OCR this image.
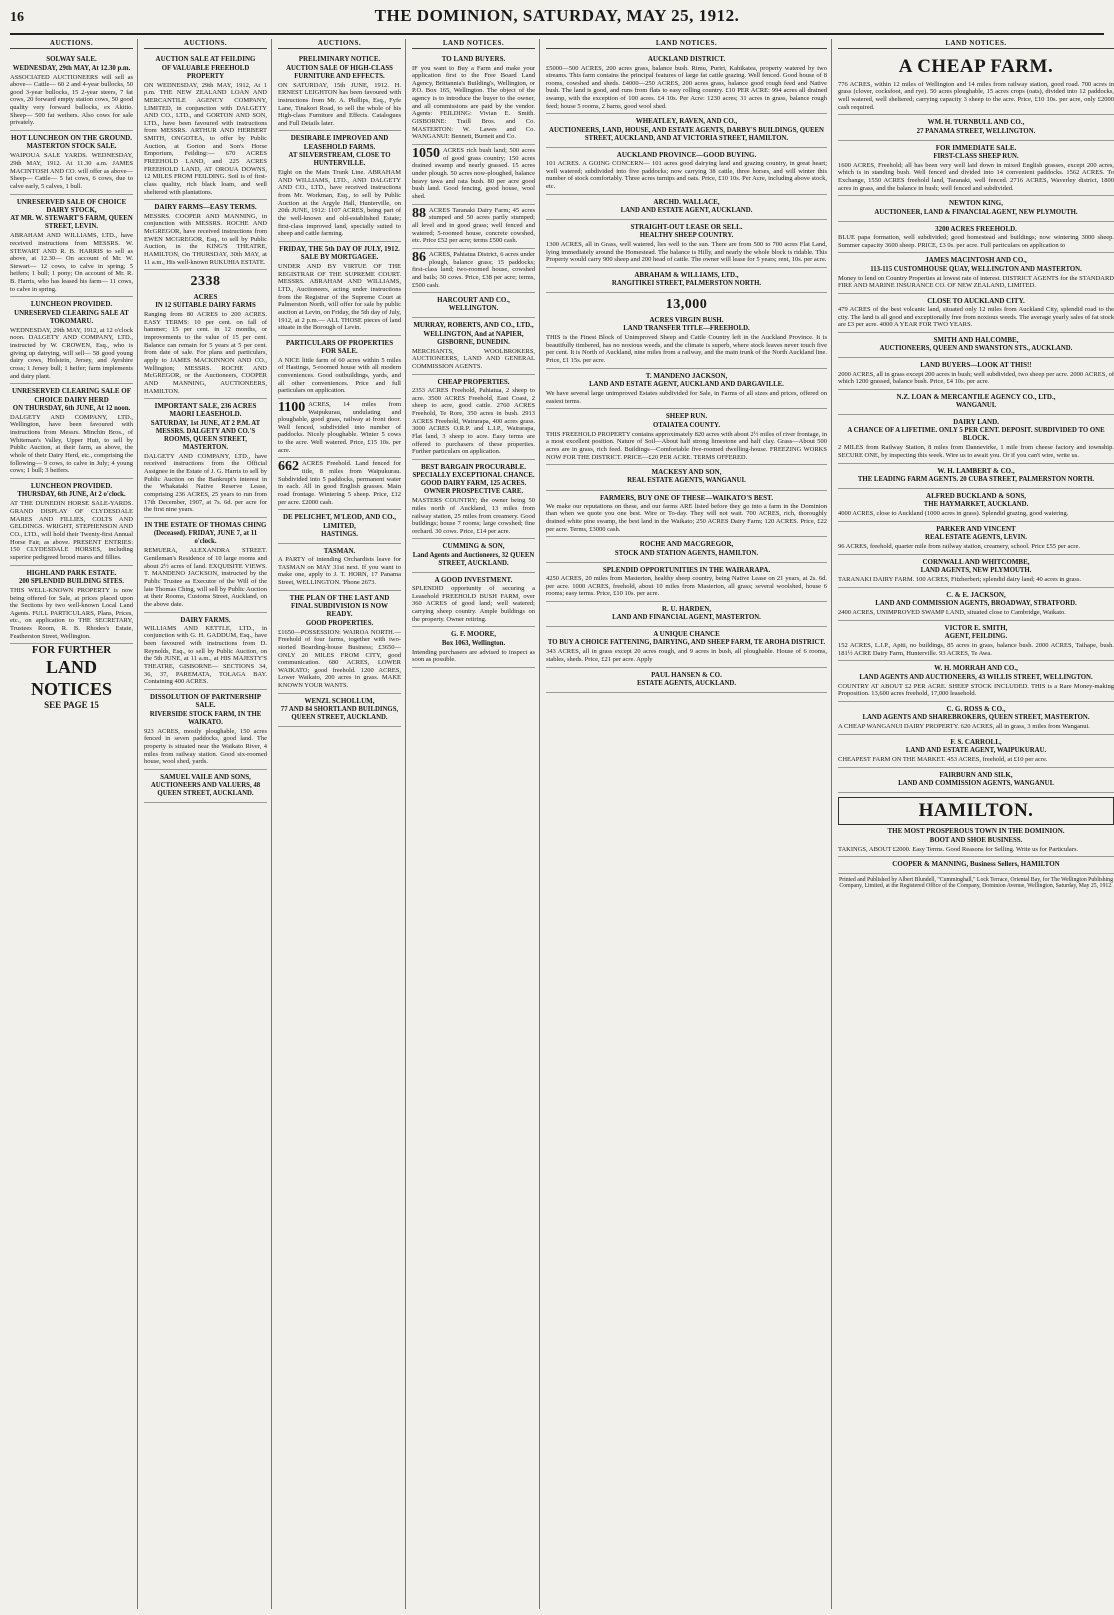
16	THE DOMINION, SATURDAY, MAY 25, 1912.
AUCTIONS.
SOLWAY SALE.
WEDNESDAY, 29th MAY, At 12.30 p.m.
ASSOCIATED AUCTIONEERS will sell as above— Cattle— 60 2 and 4-year bullocks, 50 good 3-year bullocks, 15 2-year steers, 7 fat cows, 20 forward empty station cows, 50 good quality very forward bullocks, ex Akitio. Sheep— 500 fat wethers. Also cows for sale privately.
HOT LUNCHEON ON THE GROUND.
MASTERTON STOCK SALE.
WAIPOUA SALE YARDS. WEDNESDAY, 29th MAY, 1912. At 11.30 a.m. JAMES MACINTOSH AND CO. will offer as above— Sheep— Cattle— 5 fat cows, 6 cows, due to calve early, 5 calves, 1 bull.
UNRESERVED SALE OF CHOICE DAIRY STOCK,
AT MR. W. STEWART'S FARM, QUEEN STREET, LEVIN.
ABRAHAM AND WILLIAMS, LTD., have received instructions from MESSRS. W. STEWART AND R. B. HARRIS to sell as above, at 12.30— On account of Mr. W. Stewart— 12 cows, to calve in spring; 5 heifers; 1 bull; 1 pony; On account of Mr. R. B. Harris, who has leased his farm— 11 cows, to calve in spring.
LUNCHEON PROVIDED.
UNRESERVED CLEARING SALE AT TOKOMARU.
WEDNESDAY, 29th MAY, 1912, at 12 o'clock noon. DALGETY AND COMPANY, LTD., instructed by W. CROWEN, Esq., who is giving up dairying, will sell— 58 good young dairy cows, Holstein, Jersey, and Ayrshire cross; 1 Jersey bull; 1 heifer; farm implements and dairy plant.
UNRESERVED CLEARING SALE OF CHOICE DAIRY HERD
ON THURSDAY, 6th JUNE, At 12 noon.
DALGETY AND COMPANY, LTD., Wellington, have been favoured with instructions from Messrs. Minchin Bros., of Whiteman's Valley, Upper Hutt, to sell by Public Auction, at their farm, as above, the whole of their Dairy Herd, etc., comprising the following— 9 cows, to calve in July; 4 young cows; 1 bull; 3 heifers.
LUNCHEON PROVIDED.
THURSDAY, 6th JUNE, At 2 o'clock.
AT THE DUNEDIN HORSE SALE-YARDS. GRAND DISPLAY OF CLYDESDALE MARES AND FILLIES, COLTS AND GELDINGS. WRIGHT, STEPHENSON AND CO., LTD., will hold their Twenty-first Annual Horse Fair, as above. PRESENT ENTRIES: 150 CLYDESDALE HORSES, including superior pedigreed brood mares and fillies.
HIGHLAND PARK ESTATE.
200 SPLENDID BUILDING SITES.
THIS WELL-KNOWN PROPERTY is now being offered for Sale, at prices placed upon the Sections by two well-known Local Land Agents. FULL PARTICULARS, Plans, Prices, etc., on application to THE SECRETARY, Trustees Room, R. B. Rhodes's Estate, Featherston Street, Wellington.
FOR FURTHER
LAND NOTICES
SEE PAGE 15
AUCTIONS.
AUCTION SALE AT FEILDING
OF VALUABLE FREEHOLD PROPERTY
ON WEDNESDAY, 29th MAY, 1912, At 1 p.m. THE NEW ZEALAND LOAN AND MERCANTILE AGENCY COMPANY, LIMITED, in conjunction with DALGETY AND CO., LTD., and GORTON AND SON, LTD., have been favoured with instructions from MESSRS. ARTHUR AND HERBERT SMITH, ONGOTEA, to offer by Public Auction, at Gorton and Son's Horse Emporium, Feilding:— 670 ACRES FREEHOLD LAND, and 225 ACRES FREEHOLD LAND, AT OROUA DOWNS, 12 MILES FROM FEILDING. Soil is of first-class quality, rich black loam, and well sheltered with plantations.
DAIRY FARMS—EASY TERMS.
MESSRS. COOPER AND MANNING, in conjunction with MESSRS. ROCHE AND McGREGOR, have received instructions from EWEN MCGREGOR, Esq., to sell by Public Auction, in the KING'S THEATRE, HAMILTON, On THURSDAY, 30th MAY, at 11 a.m., His well-known RUKUHIA ESTATE.
2338
ACRES
IN 12 SUITABLE DAIRY FARMS
Ranging from 80 ACRES to 200 ACRES. EASY TERMS: 10 per cent. on fall of hammer; 15 per cent. in 12 months, or improvements to the value of 15 per cent. Balance can remain for 5 years at 5 per cent. from date of sale. For plans and particulars, apply to JAMES MACKINNON AND CO., Wellington; MESSRS. ROCHE AND McGREGOR, or the Auctioneers, COOPER AND MANNING, AUCTIONEERS, HAMILTON.
IMPORTANT SALE, 236 ACRES MAORI LEASEHOLD.
SATURDAY, 1st JUNE, AT 2 P.M. AT MESSRS. DALGETY AND CO.'S ROOMS, QUEEN STREET, MASTERTON.
DALGETY AND COMPANY, LTD., have received instructions from the Official Assignee in the Estate of J. G. Harris to sell by Public Auction on the Bankrupt's interest in the Whakataki Native Reserve Lease, comprising 236 ACRES, 25 years to run from 17th December, 1907, at 7s. 6d. per acre for the first nine years.
IN THE ESTATE OF THOMAS CHING
(Deceased). FRIDAY, JUNE 7, at 11 o'clock.
REMUERA, ALEXANDRA STREET. Gentleman's Residence of 10 large rooms and about 2½ acres of land. EXQUISITE VIEWS. T. MANDENO JACKSON, instructed by the Public Trustee as Executor of the Will of the late Thomas Ching, will sell by Public Auction at their Rooms, Customs Street, Auckland, on the above date.
DAIRY FARMS.
WILLIAMS AND KETTLE, LTD., in conjunction with G. H. GADDUM, Esq., have been favoured with instructions from D. Reynolds, Esq., to sell by Public Auction, on the 5th JUNE, at 11 a.m., at HIS MAJESTY'S THEATRE, GISBORNE— SECTIONS 34, 36, 37, PAREMATA, TOLAGA BAY. Containing 400 ACRES.
DISSOLUTION OF PARTNERSHIP SALE.
RIVERSIDE STOCK FARM, IN THE WAIKATO.
923 ACRES, mostly ploughable, 150 acres fenced in seven paddocks, good land. The property is situated near the Waikato River, 4 miles from railway station. Good six-roomed house, wool shed, yards.
SAMUEL VAILE AND SONS,
AUCTIONEERS AND VALUERS, 48 QUEEN STREET, AUCKLAND.
AUCTIONS.
PRELIMINARY NOTICE.
AUCTION SALE OF HIGH-CLASS FURNITURE AND EFFECTS.
ON SATURDAY, 15th JUNE, 1912. H. ERNEST LEIGHTON has been favoured with instructions from Mr. A. Phillips, Esq., Fyfe Lane, Tinakori Road, to sell the whole of his High-class Furniture and Effects. Catalogues and Full Details later.
DESIRABLE IMPROVED AND LEASEHOLD FARMS.
AT SILVERSTREAM, CLOSE TO HUNTERVILLE.
Eight on the Main Trunk Line. ABRAHAM AND WILLIAMS, LTD., AND DALGETY AND CO., LTD., have received instructions from Mr. Workman, Esq., to sell by Public Auction at the Argyle Hall, Hunterville, on 20th JUNE, 1912: 1107 ACRES, being part of the well-known and old-established Estate; first-class improved land, specially suited to sheep and cattle farming.
FRIDAY, THE 5th DAY OF JULY, 1912.
SALE BY MORTGAGEE.
UNDER AND BY VIRTUE OF THE REGISTRAR OF THE SUPREME COURT. MESSRS. ABRAHAM AND WILLIAMS, LTD., Auctioneers, acting under instructions from the Registrar of the Supreme Court at Palmerston North, will offer for sale by public auction at Levin, on Friday, the 5th day of July, 1912, at 2 p.m.— ALL THOSE pieces of land situate in the Borough of Levin.
PARTICULARS OF PROPERTIES FOR SALE.
A NICE little farm of 60 acres within 5 miles of Hastings, 5-roomed house with all modern conveniences. Good outbuildings, yards, and all other conveniences. Price and full particulars on application.
1100 ACRES, 14 miles from Waipukurau, undulating and ploughable, good grass, railway at front door. Well fenced, subdivided into number of paddocks. Nicely ploughable. Winter 5 cows to the acre. Well watered. Price, £15 10s. per acre.
662 ACRES Freehold. Land fenced for title, 8 miles from Waipukurau. Subdivided into 5 paddocks, permanent water in each. All in good English grasses. Main road frontage. Wintering 5 sheep. Price, £12 per acre. £2000 cash.
DE PELICHET, M'LEOD, AND CO., LIMITED,
HASTINGS.
TASMAN.
A PARTY of intending Orchardists leave for TASMAN on MAY 31st next. If you want to make one, apply to J. T. HORN, 17 Panama Street, WELLINGTON. 'Phone 2673.
THE PLAN OF THE LAST AND FINAL SUBDIVISION IS NOW READY.
GOOD PROPERTIES.
£1650—POSSESSION: WAIROA NORTH.—Freehold of four farms, together with two-storied Boarding-house Business; £3650—ONLY 20 MILES FROM CITY, good communication. 680 ACRES, LOWER WAIKATO; good freehold. 1200 ACRES, Lower Waikato, 200 acres in grass. MAKE KNOWN YOUR WANTS.
WENZL SCHOLLUM,
77 AND 84 SHORTLAND BUILDINGS, QUEEN STREET, AUCKLAND.
LAND NOTICES.
TO LAND BUYERS.
IF you want to Buy a Farm and make your application first to the Free Board Land Agency, Brittannia's Building's, Wellington, or P.O. Box 165, Wellington. The object of the agency is to introduce the buyer to the owner, and all commissions are paid by the vendor. Agents: FEILDING: Vivian E. Smith. GISBORNE: Traill Bros. and Co. MASTERTON: W. Lawes and Co. WANGANUI: Bennett, Burnett and Co.
1050 ACRES rich bush land; 500 acres of good grass country; 150 acres drained swamp and nearly grassed. 15 acres under plough. 50 acres now-ploughed, balance heavy tawa and rata bush. 80 per acre good bush land. Good fencing, good house, wool shed.
88 ACRES Taranaki Dairy Farm; 45 acres stumped and 50 acres partly stumped; all level and in good grass; well fenced and watered; 5-roomed house, concrete cowshed, etc. Price £52 per acre; terms £500 cash.
86 ACRES, Pahiatua District, 6 acres under plough, balance grass; 15 paddocks; first-class land; two-roomed house, cowshed and bails; 30 cows. Price, £38 per acre; terms, £500 cash.
HARCOURT AND CO.,
WELLINGTON.
MURRAY, ROBERTS, AND CO., LTD.,
WELLINGTON, And at NAPIER, GISBORNE, DUNEDIN.
MERCHANTS, WOOLBROKERS, AUCTIONEERS, LAND AND GENERAL COMMISSION AGENTS.
CHEAP PROPERTIES.
2353 ACRES Freehold, Pahiatua, 2 sheep to acre. 3500 ACRES Freehold, East Coast, 2 sheep to acre, good cattle. 2760 ACRES Freehold, Te Rore, 350 acres in bush. 2913 ACRES Freehold, Wairarapa, 400 acres grass. 3000 ACRES O.R.P. and L.I.P., Wairarapa, Flat land, 3 sheep to acre. Easy terms are offered to purchasers of these properties. Further particulars on application.
BEST BARGAIN PROCURABLE.
SPECIALLY EXCEPTIONAL CHANCE. GOOD DAIRY FARM, 125 ACRES. OWNER PROSPECTIVE CARE.
MASTERS COUNTRY; the owner being 50 miles north of Auckland, 13 miles from railway station, 25 miles from creamery. Good buildings; house 7 rooms; large cowshed; fine orchard. 30 cows. Price, £14 per acre.
CUMMING & SON,
Land Agents and Auctioneers, 32 QUEEN STREET, AUCKLAND.
A GOOD INVESTMENT.
SPLENDID opportunity of securing a Leasehold FREEHOLD BUSH FARM, over 360 ACRES of good land; well watered; carrying sheep country. Ample buildings on the property. Owner retiring.
G. F. MOORE,
Box 1063, Wellington.
Intending purchasers are advised to inspect as soon as possible.
LAND NOTICES.
AUCKLAND DISTRICT.
£5000—500 ACRES, 200 acres grass, balance bush. Rimu, Puriri, Kahikatea, property watered by two streams. This farm contains the principal features of large fat cattle grazing. Well fenced. Good house of 8 rooms, cowshed and sheds. £4000—250 ACRES, 200 acres grass, balance good rough feed and Native bush. The land is good, and runs from flats to easy rolling country. £10 PER ACRE: 994 acres all drained swamp, with the exception of 100 acres. £4 10s. Per Acre: 1230 acres; 31 acres in grass, balance rough feed; house 5 rooms, 2 barns, good wool shed.
WHEATLEY, RAVEN, AND CO.,
AUCTIONEERS, LAND, HOUSE, AND ESTATE AGENTS, DARBY'S BUILDINGS, QUEEN STREET, AUCKLAND, AND AT VICTORIA STREET, HAMILTON.
AUCKLAND PROVINCE—GOOD BUYING.
101 ACRES. A GOING CONCERN— 101 acres good dairying land and grazing country, in great heart; well watered; subdivided into five paddocks; now carrying 38 cattle, three horses, and will winter this number of stock comfortably. Three acres turnips and oats. Price, £10 10s. Per Acre, including above stock, etc.
ARCHD. WALLACE,
LAND AND ESTATE AGENT, AUCKLAND.
STRAIGHT-OUT LEASE OR SELL.
HEALTHY SHEEP COUNTRY.
1300 ACRES, all in Grass, well watered, lies well to the sun. There are from 500 to 700 acres Flat Land, lying immediately around the Homestead. The balance is Hilly, and nearly the whole block is ridable. This Property would carry 900 sheep and 200 head of cattle. The owner will lease for 5 years; rent, 10s. per acre.
ABRAHAM & WILLIAMS, LTD.,
RANGITIKEI STREET, PALMERSTON NORTH.
13,000
ACRES VIRGIN BUSH.
LAND TRANSFER TITLE—FREEHOLD.
THIS is the Finest Block of Unimproved Sheep and Cattle Country left in the Auckland Province. It is beautifully timbered, has no noxious weeds, and the climate is superb, where stock leaves never touch five per cent. It is North of Auckland, nine miles from a railway, and the main trunk of the North Auckland line. Price, £1 15s. per acre.
T. MANDENO JACKSON,
LAND AND ESTATE AGENT, AUCKLAND AND DARGAVILLE.
We have several large unimproved Estates subdivided for Sale, in Farms of all sizes and prices, offered on easiest terms.
SHEEP RUN.
OTAIATEA COUNTY.
THIS FREEHOLD PROPERTY contains approximately 820 acres with about 2½ miles of river frontage, in a most excellent position. Nature of Soil—About half strong limestone and half clay. Grass—About 500 acres are in grass, rich feed. Buildings—Comfortable five-roomed dwelling-house. FREEZING WORKS NOW FOR THE DISTRICT. PRICE—£20 PER ACRE. TERMS OFFERED.
MACKESY AND SON,
REAL ESTATE AGENTS, WANGANUI.
FARMERS, BUY ONE OF THESE—WAIKATO'S BEST.
We make our reputations on these, and our farms ARE listed before they go into a farm in the Dominion than when we quote you one best. Wire or To-day. They will not wait. 700 ACRES, rich, thoroughly drained white pine swamp, the best land in the Waikato; 250 ACRES Dairy Farm; 120 ACRES. Price, £22 per acre. Terms, £3000 cash.
ROCHE AND MACGREGOR,
STOCK AND STATION AGENTS, HAMILTON.
SPLENDID OPPORTUNITIES IN THE WAIRARAPA.
4250 ACRES, 20 miles from Masterton, healthy sheep country, being Native Lease on 21 years, at 2s. 6d. per acre. 1000 ACRES, freehold, about 10 miles from Masterton, all grass; several woolshed, house 6 rooms; easy terms. Price, £10 10s. per acre.
R. U. HARDEN,
LAND AND FINANCIAL AGENT, MASTERTON.
A UNIQUE CHANCE
TO BUY A CHOICE FATTENING, DAIRYING, AND SHEEP FARM, TE AROHA DISTRICT.
343 ACRES, all in grass except 20 acres rough, and 9 acres in bush, all ploughable. House of 6 rooms, stables, sheds. Price, £21 per acre. Apply
PAUL HANSEN & CO.
ESTATE AGENTS, AUCKLAND.
LAND NOTICES.
A CHEAP FARM.
776 ACRES, within 12 miles of Wellington and 14 miles from railway station, good road. 700 acres in grass (clover, cocksfoot, and rye). 50 acres ploughable, 15 acres crops (oats), divided into 12 paddocks, well watered, well sheltered; carrying capacity 3 sheep to the acre. Price, £10 10s. per acre, only £2000 cash required.
WM. H. TURNBULL AND CO.,
27 PANAMA STREET, WELLINGTON.
FOR IMMEDIATE SALE.
FIRST-CLASS SHEEP RUN.
1600 ACRES, Freehold; all has been very well laid down in mixed English grasses, except 200 acres, which is in standing bush. Well fenced and divided into 14 convenient paddocks. 1562 ACRES. To Exchange, 1550 ACRES freehold land, Taranaki, well fenced. 2716 ACRES, Waverley district, 1800 acres in grass, and the balance in bush; well fenced and subdivided.
NEWTON KING,
AUCTIONEER, LAND & FINANCIAL AGENT, NEW PLYMOUTH.
3200 ACRES FREEHOLD.
BLUE papa formation, well subdivided; good homestead and buildings; now wintering 3000 sheep. Summer capacity 3600 sheep. PRICE, £3 0s. per acre. Full particulars on application to
JAMES MACINTOSH AND CO.,
113-115 CUSTOMHOUSE QUAY, WELLINGTON AND MASTERTON.
Money to lend on Country Properties at lowest rate of interest. DISTRICT AGENTS for the STANDARD FIRE AND MARINE INSURANCE CO. OF NEW ZEALAND, LIMITED.
CLOSE TO AUCKLAND CITY.
479 ACRES of the best volcanic land, situated only 12 miles from Auckland City, splendid road to the city. The land is all good and exceptionally free from noxious weeds. The average yearly sales of fat stock are £3 per acre. 4000 A YEAR FOR TWO YEARS.
SMITH AND HALCOMBE,
AUCTIONEERS, QUEEN AND SWANSTON STS., AUCKLAND.
LAND BUYERS—LOOK AT THIS!!
2000 ACRES, all in grass except 200 acres in bush; well subdivided, two sheep per acre. 2000 ACRES, of which 1200 grassed, balance bush. Price, £4 10s. per acre.
N.Z. LOAN & MERCANTILE AGENCY CO., LTD.,
WANGANUI.
DAIRY LAND.
A CHANCE OF A LIFETIME. ONLY 5 PER CENT. DEPOSIT. SUBDIVIDED TO ONE BLOCK.
2 MILES from Railway Station, 8 miles from Dannevirke, 1 mile from cheese factory and township. SECURE ONE, by inspecting this week. Wire us to await you. Or if you can't wire, write us.
W. H. LAMBERT & CO.,
THE LEADING FARM AGENTS. 20 CUBA STREET, PALMERSTON NORTH.
ALFRED BUCKLAND & SONS,
THE HAYMARKET, AUCKLAND.
4000 ACRES, close to Auckland (1000 acres in grass). Splendid grazing, good watering.
PARKER AND VINCENT
REAL ESTATE AGENTS, LEVIN.
96 ACRES, freehold, quarter mile from railway station, creamery, school. Price £55 per acre.
CORNWALL AND WHITCOMBE,
LAND AGENTS, NEW PLYMOUTH.
TARANAKI DAIRY FARM. 100 ACRES, Fitzherbert; splendid dairy land; 40 acres in grass.
C. & E. JACKSON,
LAND AND COMMISSION AGENTS, BROADWAY, STRATFORD.
2400 ACRES, UNIMPROVED SWAMP LAND, situated close to Cambridge, Waikato.
VICTOR E. SMITH,
AGENT, FEILDING.
152 ACRES, L.I.P., Apiti, no buildings, 85 acres in grass, balance bush. 2000 ACRES, Taihape, bush. 181½ ACRE Dairy Farm, Hunterville. 93 ACRES, Te Awa.
W. H. MORRAH AND CO.,
LAND AGENTS AND AUCTIONEERS, 43 WILLIS STREET, WELLINGTON.
COUNTRY AT ABOUT £2 PER ACRE. SHEEP STOCK INCLUDED. THIS is a Rare Money-making Proposition. 13,600 acres freehold, 17,000 leasehold.
C. G. ROSS & CO.,
LAND AGENTS AND SHAREBROKERS, QUEEN STREET, MASTERTON.
A CHEAP WANGANUI DAIRY PROPERTY. 620 ACRES, all in grass, 3 miles from Wanganui.
F. S. CARROLL,
LAND AND ESTATE AGENT, WAIPUKURAU.
CHEAPEST FARM ON THE MARKET. 453 ACRES, freehold, at £10 per acre.
FAIRBURN AND SILK,
LAND AND COMMISSION AGENTS, WANGANUI.
HAMILTON.
THE MOST PROSPEROUS TOWN IN THE DOMINION.
BOOT AND SHOE BUSINESS.
TAKINGS, ABOUT £2000. Easy Terms. Good Reasons for Selling. Write us for Particulars.
COOPER & MANNING, Business Sellers, HAMILTON
Printed and Published by Albert Blundell, "Cumminghall," Lock Terrace, Oriental Bay, for The Wellington Publishing Company, Limited, at the Registered Office of the Company, Dominion Avenue, Wellington, Saturday, May 25, 1912.
